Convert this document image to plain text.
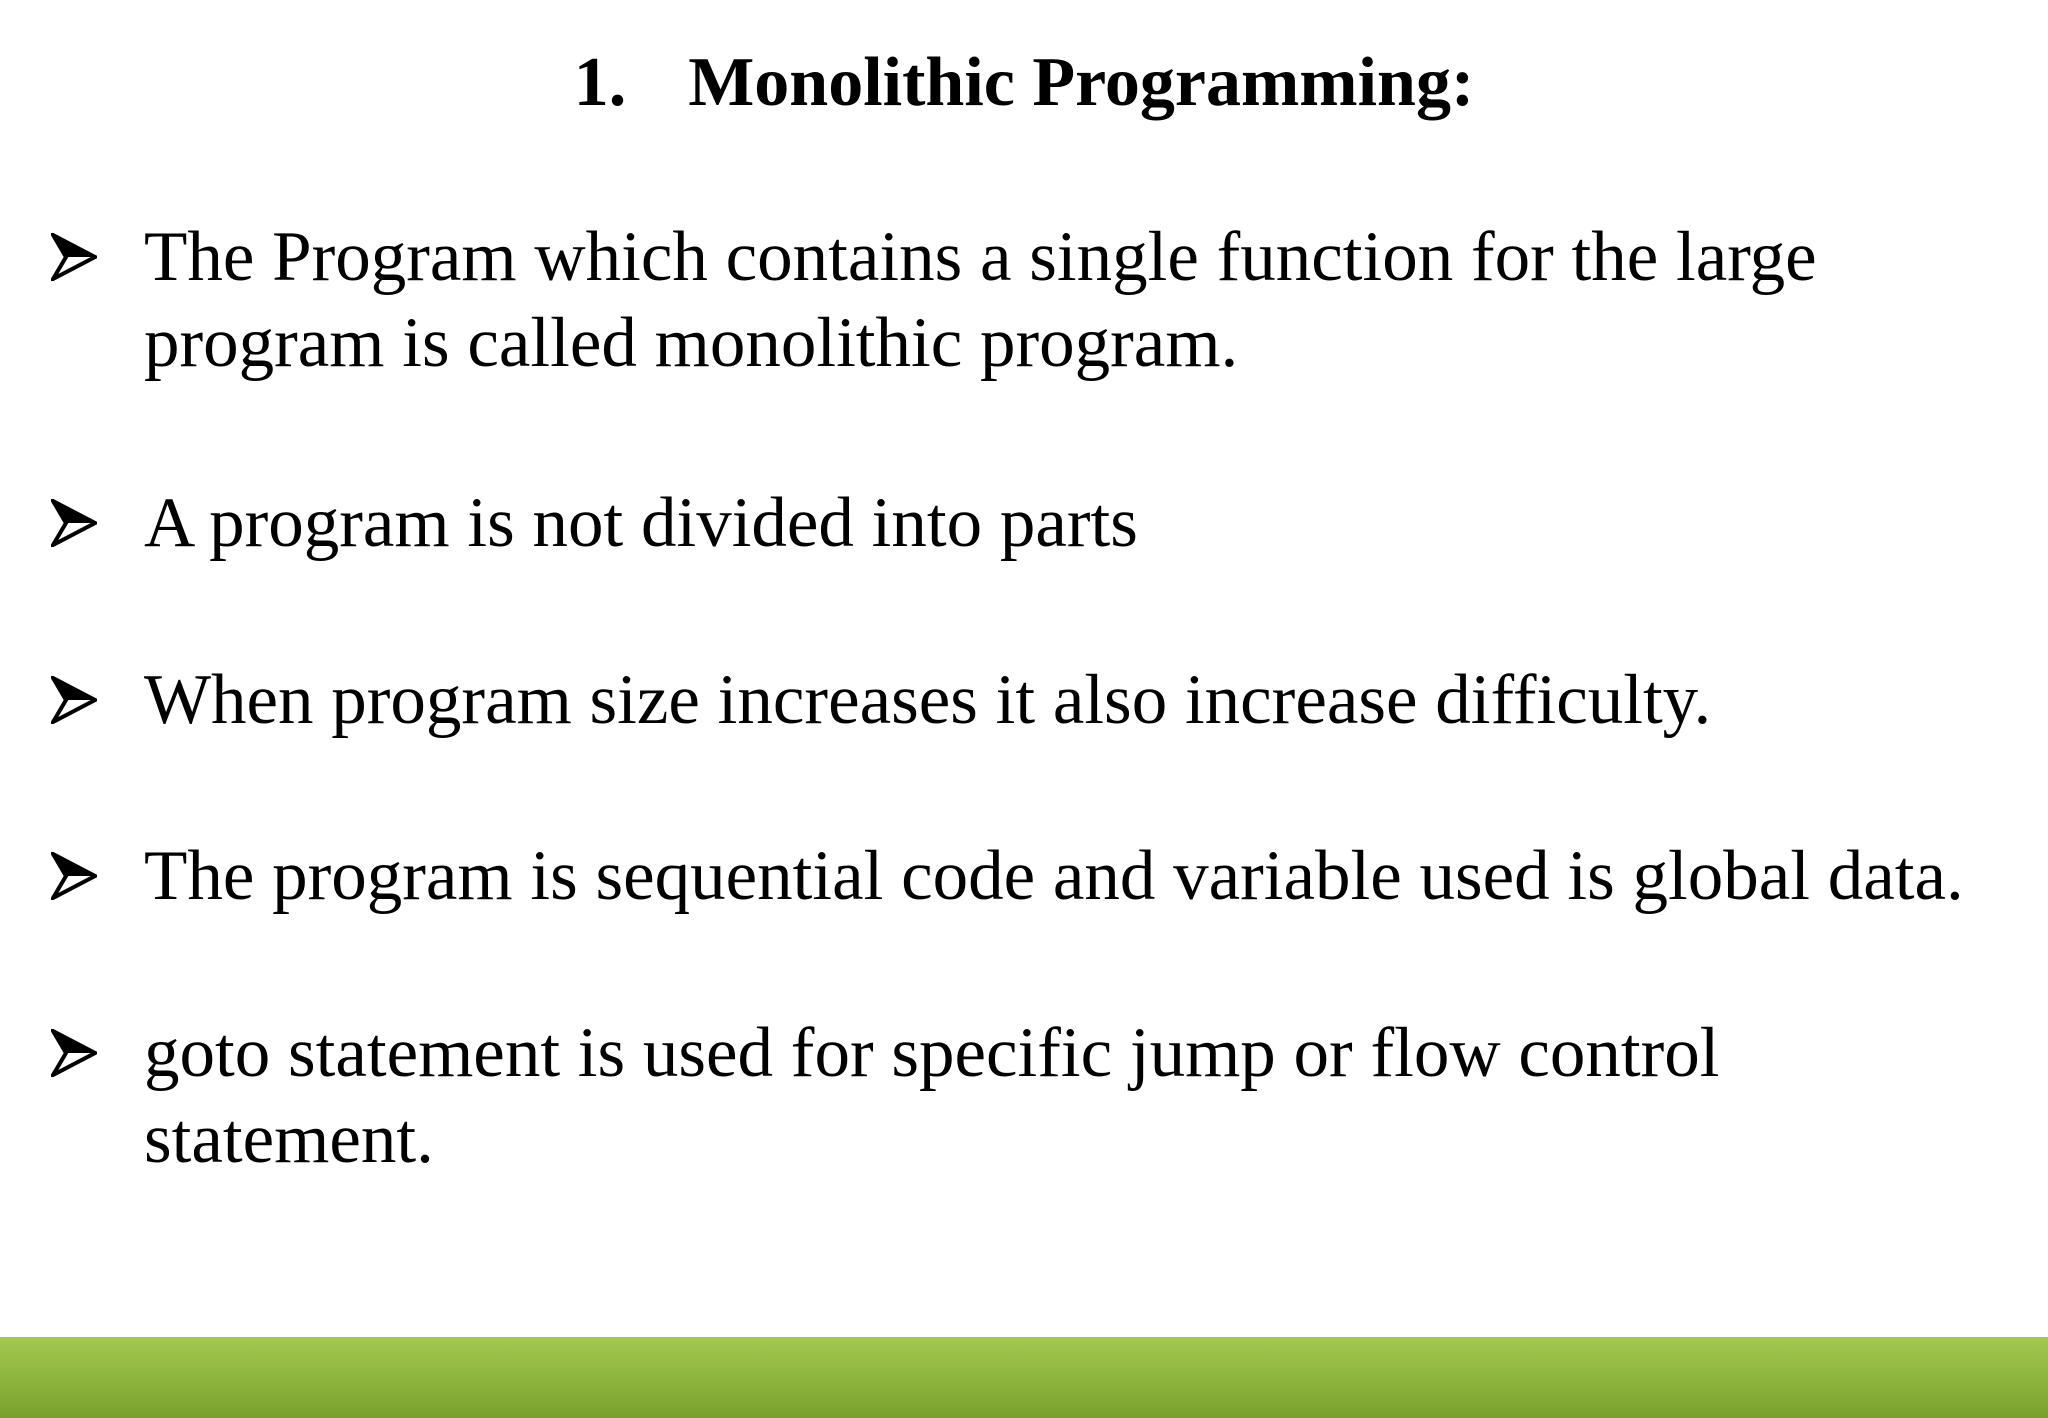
1. Monolithic Programming:
The Program which contains a single function for the large
program is called monolithic program.
A program is not divided into parts
When program size increases it also increase difficulty.
The program is sequential code and variable used is global data.
goto statement is used for specific jump or flow control
statement.
